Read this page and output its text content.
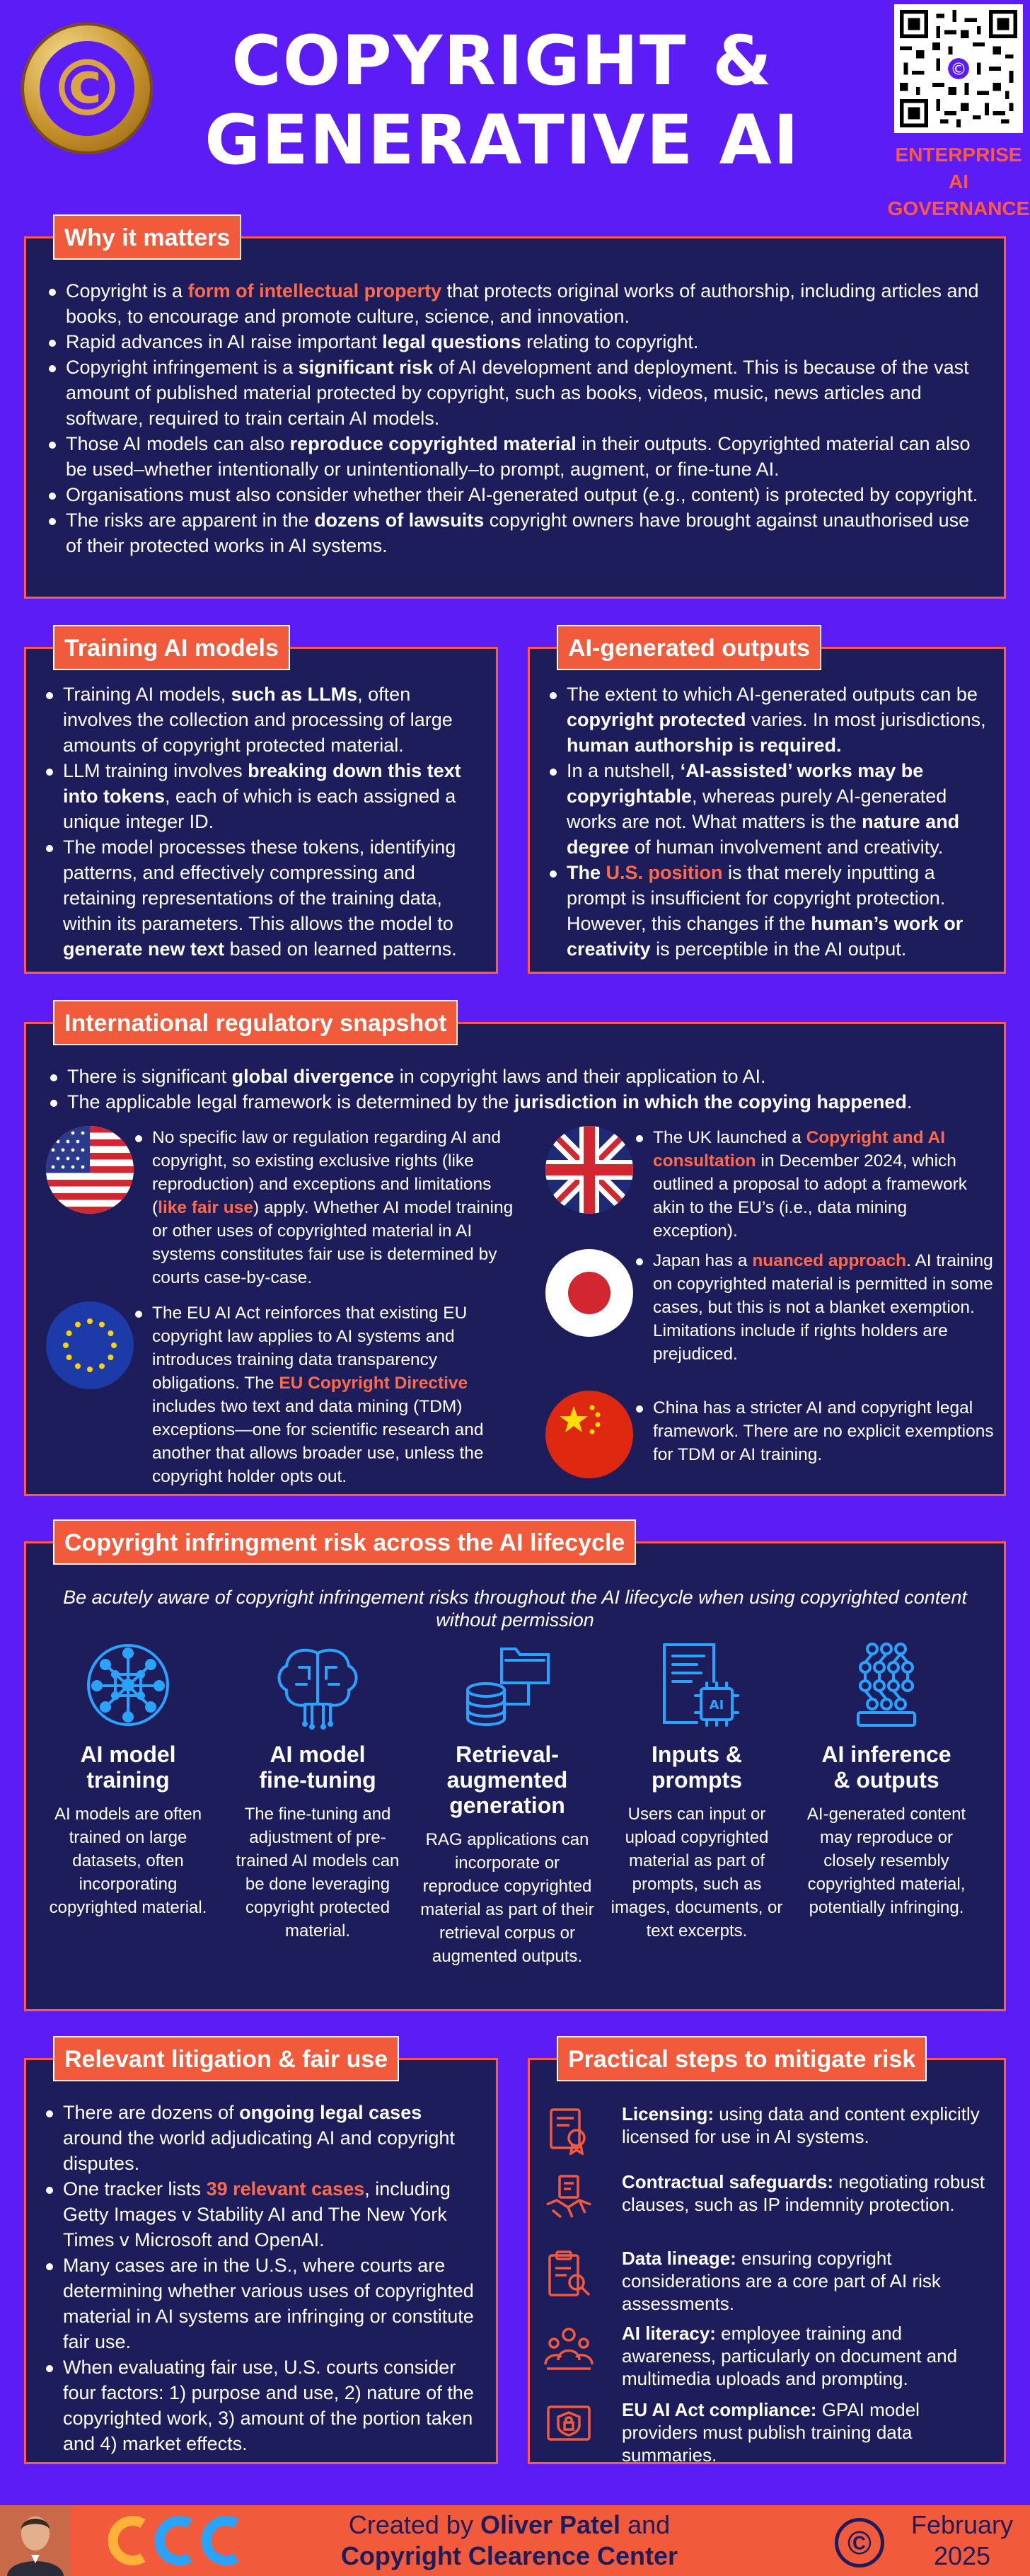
©	COPYRIGHT &
GENERATIVE AI
©
ENTERPRISE
AI GOVERNANCE
Why it matters
Copyright is a form of intellectual property that protects original works of authorship, including articles and books, to encourage and promote culture, science, and innovation.
Rapid advances in AI raise important legal questions relating to copyright.
Copyright infringement is a significant risk of AI development and deployment. This is because of the vast amount of published material protected by copyright, such as books, videos, music, news articles and software, required to train certain AI models.
Those AI models can also reproduce copyrighted material in their outputs. Copyrighted material can also be used–whether intentionally or unintentionally–to prompt, augment, or fine-tune AI.
Organisations must also consider whether their AI-generated output (e.g., content) is protected by copyright.
The risks are apparent in the dozens of lawsuits copyright owners have brought against unauthorised use of their protected works in AI systems.
Training AI models
Training AI models, such as LLMs, often involves the collection and processing of large amounts of copyright protected material.
LLM training involves breaking down this text into tokens, each of which is each assigned a unique integer ID.
The model processes these tokens, identifying patterns, and effectively compressing and retaining representations of the training data, within its parameters. This allows the model to generate new text based on learned patterns.
AI-generated outputs
The extent to which AI-generated outputs can be copyright protected varies. In most jurisdictions, human authorship is required.
In a nutshell, ‘AI-assisted’ works may be copyrightable, whereas purely AI-generated works are not. What matters is the nature and degree of human involvement and creativity.
The U.S. position is that merely inputting a prompt is insufficient for copyright protection. However, this changes if the human’s work or creativity is perceptible in the AI output.
International regulatory snapshot
There is significant global divergence in copyright laws and their application to AI.
The applicable legal framework is determined by the jurisdiction in which the copying happened.
No specific law or regulation regarding AI and copyright, so existing exclusive rights (like reproduction) and exceptions and limitations (like fair use) apply. Whether AI model training or other uses of copyrighted material in AI systems constitutes fair use is determined by courts case-by-case.
The EU AI Act reinforces that existing EU copyright law applies to AI systems and introduces training data transparency obligations. The EU Copyright Directive includes two text and data mining (TDM) exceptions—one for scientific research and another that allows broader use, unless the copyright holder opts out.
The UK launched a Copyright and AI consultation in December 2024, which outlined a proposal to adopt a framework akin to the EU’s (i.e., data mining exception).
Japan has a nuanced approach. AI training on copyrighted material is permitted in some cases, but this is not a blanket exemption. Limitations include if rights holders are prejudiced.
China has a stricter AI and copyright legal framework. There are no explicit exemptions for TDM or AI training.
Copyright infringment risk across the AI lifecycle
Be acutely aware of copyright infringement risks throughout the AI lifecycle when using copyrighted content without permission
AI model
training
AI models are often trained on large datasets, often incorporating copyrighted material.
AI model
fine-tuning
The fine-tuning and adjustment of pre-trained AI models can be done leveraging copyright protected material.
Retrieval-
augmented
generation
RAG applications can incorporate or reproduce copyrighted material as part of their retrieval corpus or augmented outputs.
AI
Inputs &
prompts
Users can input or upload copyrighted material as part of prompts, such as images, documents, or text excerpts.
AI inference
& outputs
AI-generated content may reproduce or closely resembly copyrighted material, potentially infringing.
Relevant litigation & fair use
There are dozens of ongoing legal cases around the world adjudicating AI and copyright disputes.
One tracker lists 39 relevant cases, including Getty Images v Stability AI and The New York Times v Microsoft and OpenAI.
Many cases are in the U.S., where courts are determining whether various uses of copyrighted material in AI systems are infringing or constitute fair use.
When evaluating fair use, U.S. courts consider four factors: 1) purpose and use, 2) nature of the copyrighted work, 3) amount of the portion taken and 4) market effects.
Practical steps to mitigate risk
Licensing: using data and content explicitly licensed for use in AI systems.
Contractual safeguards: negotiating robust clauses, such as IP indemnity protection.
Data lineage: ensuring copyright considerations are a core part of AI risk assessments.
AI literacy: employee training and awareness, particularly on document and multimedia uploads and prompting.
EU AI Act compliance: GPAI model providers must publish training data summaries.
Created by Oliver Patel and
Copyright Clearence Center	©	February
2025
